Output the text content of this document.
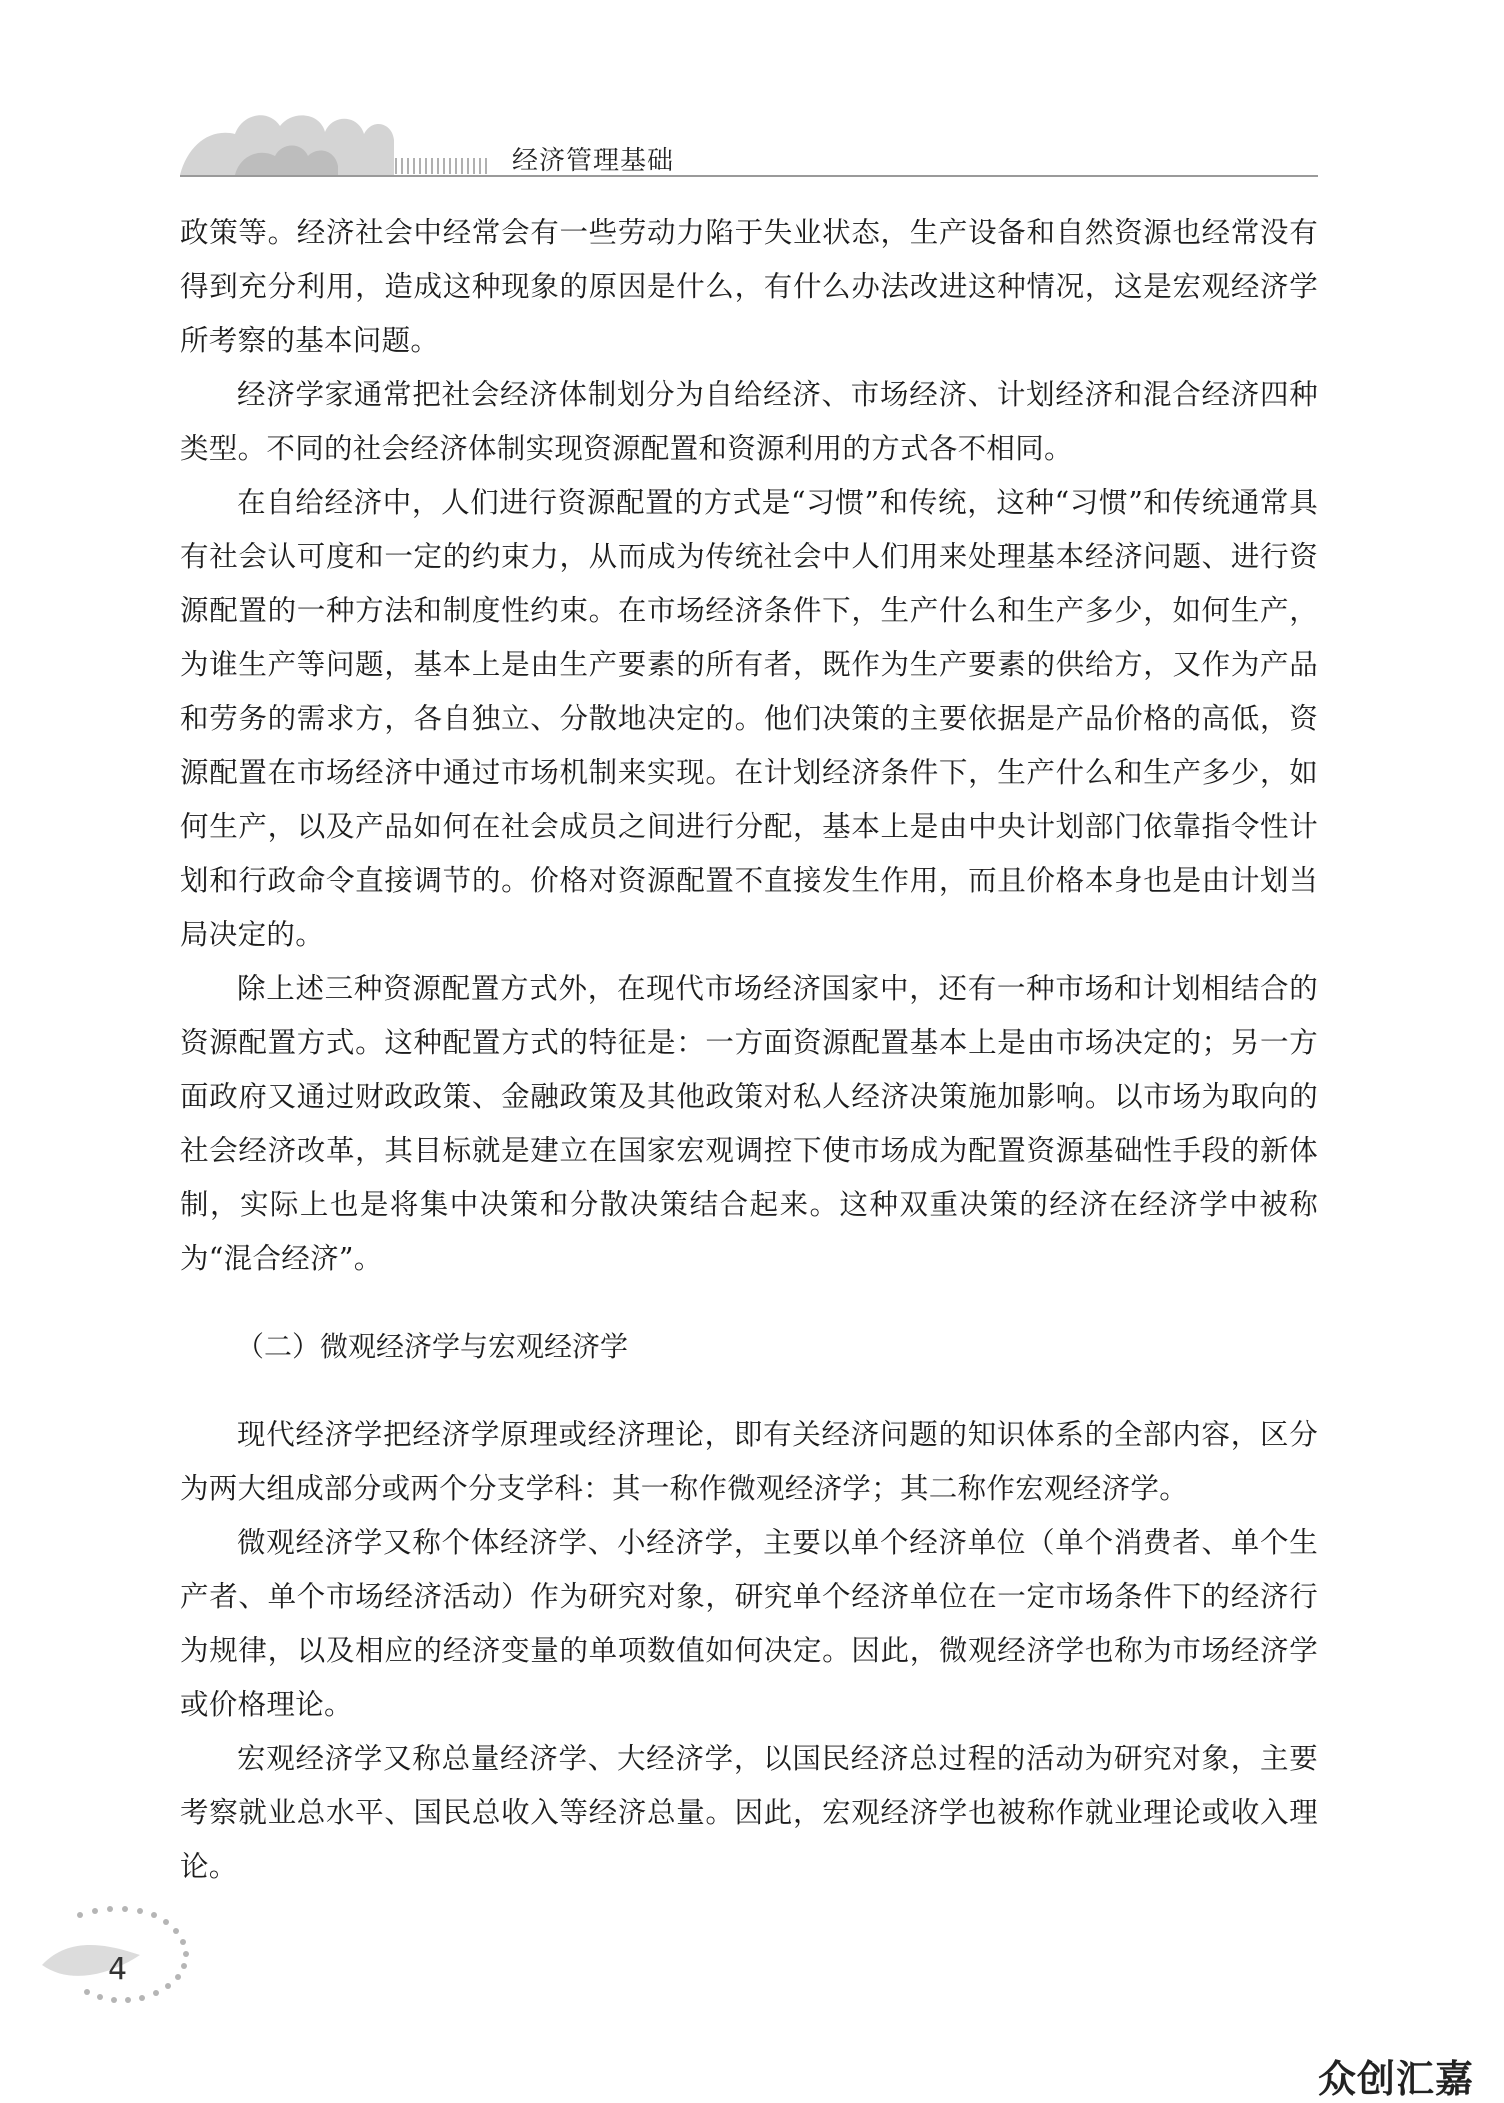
经济管理基础

政策等。经济社会中经常会有一些劳动力陷于失业状态，生产设备和自然资源也经常没有得到充分利用，造成这种现象的原因是什么，有什么办法改进这种情况，这是宏观经济学所考察的基本问题。

经济学家通常把社会经济体制划分为自给经济、市场经济、计划经济和混合经济四种类型。不同的社会经济体制实现资源配置和资源利用的方式各不相同。

在自给经济中，人们进行资源配置的方式是“习惯”和传统，这种“习惯”和传统通常具有社会认可度和一定的约束力，从而成为传统社会中人们用来处理基本经济问题、进行资源配置的一种方法和制度性约束。在市场经济条件下，生产什么和生产多少，如何生产，为谁生产等问题，基本上是由生产要素的所有者，既作为生产要素的供给方，又作为产品和劳务的需求方，各自独立、分散地决定的。他们决策的主要依据是产品价格的高低，资源配置在市场经济中通过市场机制来实现。在计划经济条件下，生产什么和生产多少，如何生产，以及产品如何在社会成员之间进行分配，基本上是由中央计划部门依靠指令性计划和行政命令直接调节的。价格对资源配置不直接发生作用，而且价格本身也是由计划当局决定的。

除上述三种资源配置方式外，在现代市场经济国家中，还有一种市场和计划相结合的资源配置方式。这种配置方式的特征是：一方面资源配置基本上是由市场决定的；另一方面政府又通过财政政策、金融政策及其他政策对私人经济决策施加影响。以市场为取向的社会经济改革，其目标就是建立在国家宏观调控下使市场成为配置资源基础性手段的新体制，实际上也是将集中决策和分散决策结合起来。这种双重决策的经济在经济学中被称为“混合经济”。

（二）微观经济学与宏观经济学

现代经济学把经济学原理或经济理论，即有关经济问题的知识体系的全部内容，区分为两大组成部分或两个分支学科：其一称作微观经济学；其二称作宏观经济学。

微观经济学又称个体经济学、小经济学，主要以单个经济单位（单个消费者、单个生产者、单个市场经济活动）作为研究对象，研究单个经济单位在一定市场条件下的经济行为规律，以及相应的经济变量的单项数值如何决定。因此，微观经济学也称为市场经济学或价格理论。

宏观经济学又称总量经济学、大经济学，以国民经济总过程的活动为研究对象，主要考察就业总水平、国民总收入等经济总量。因此，宏观经济学也被称作就业理论或收入理论。

4
众创汇嘉
